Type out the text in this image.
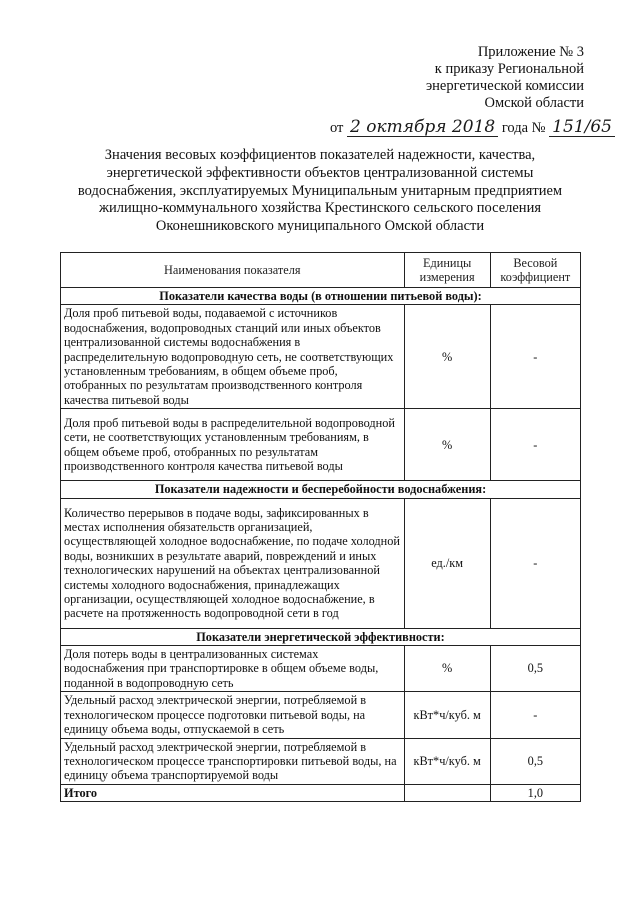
Приложение № 3
к приказу Региональной
энергетической комиссии
Омской области
от 2 октября 2018 года № 151/65
Значения весовых коэффициентов показателей надежности, качества,
энергетической эффективности объектов централизованной системы
водоснабжения, эксплуатируемых Муниципальным унитарным предприятием
жилищно-коммунального хозяйства Крестинского сельского поселения
Оконешниковского муниципального Омской области
Наименования показателя	Единицы измерения	Весовой коэффициент
Показатели качества воды (в отношении питьевой воды):		
Доля проб питьевой воды, подаваемой с источников водоснабжения, водопроводных станций или иных объектов централизованной системы водоснабжения в распределительную водопроводную сеть, не соответствующих установленным требованиям, в общем объеме проб, отобранных по результатам производственного контроля качества питьевой воды	%	-
Доля проб питьевой воды в распределительной водопроводной сети, не соответствующих установленным требованиям, в общем объеме проб, отобранных по результатам производственного контроля качества питьевой воды	%	-
Показатели надежности и бесперебойности водоснабжения:		
Количество перерывов в подаче воды, зафиксированных в местах исполнения обязательств организацией, осуществляющей холодное водоснабжение, по подаче холодной воды, возникших в результате аварий, повреждений и иных технологических нарушений на объектах централизованной системы холодного водоснабжения, принадлежащих организации, осуществляющей холодное водоснабжение, в расчете на протяженность водопроводной сети в год	ед./км	-
Показатели энергетической эффективности:		
Доля потерь воды в централизованных системах водоснабжения при транспортировке в общем объеме воды, поданной в водопроводную сеть	%	0,5
Удельный расход электрической энергии, потребляемой в технологическом процессе подготовки питьевой воды, на единицу объема воды, отпускаемой в сеть	кВт*ч/куб. м	-
Удельный расход электрической энергии, потребляемой в технологическом процессе транспортировки питьевой воды, на единицу объема транспортируемой воды	кВт*ч/куб. м	0,5
Итого		1,0
